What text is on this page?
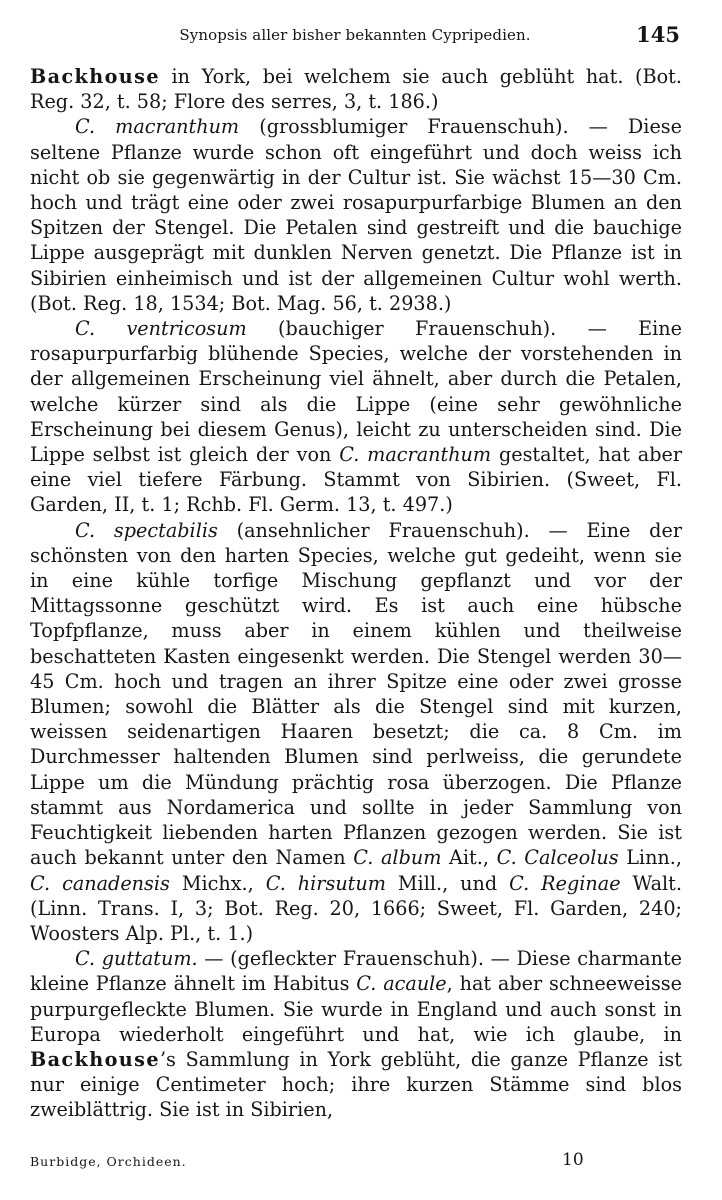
Synopsis aller bisher bekannten Cypripedien.	145

Backhouse in York, bei welchem sie auch geblüht hat. (Bot. Reg. 32, t. 58; Flore des serres, 3, t. 186.)

C. macranthum (grossblumiger Frauenschuh). — Diese seltene Pflanze wurde schon oft eingeführt und doch weiss ich nicht ob sie gegenwärtig in der Cultur ist. Sie wächst 15—30 Cm. hoch und trägt eine oder zwei rosapurpurfarbige Blumen an den Spitzen der Stengel. Die Petalen sind gestreift und die bauchige Lippe ausgeprägt mit dunklen Nerven genetzt. Die Pflanze ist in Sibirien einheimisch und ist der allgemeinen Cultur wohl werth. (Bot. Reg. 18, 1534; Bot. Mag. 56, t. 2938.)

C. ventricosum (bauchiger Frauenschuh). — Eine rosapurpurfarbig blühende Species, welche der vorstehenden in der allgemeinen Erscheinung viel ähnelt, aber durch die Petalen, welche kürzer sind als die Lippe (eine sehr gewöhnliche Erscheinung bei diesem Genus), leicht zu unterscheiden sind. Die Lippe selbst ist gleich der von C. macranthum gestaltet, hat aber eine viel tiefere Färbung. Stammt von Sibirien. (Sweet, Fl. Garden, II, t. 1; Rchb. Fl. Germ. 13, t. 497.)

C. spectabilis (ansehnlicher Frauenschuh). — Eine der schönsten von den harten Species, welche gut gedeiht, wenn sie in eine kühle torfige Mischung gepflanzt und vor der Mittagssonne geschützt wird. Es ist auch eine hübsche Topfpflanze, muss aber in einem kühlen und theilweise beschatteten Kasten eingesenkt werden. Die Stengel werden 30—45 Cm. hoch und tragen an ihrer Spitze eine oder zwei grosse Blumen; sowohl die Blätter als die Stengel sind mit kurzen, weissen seidenartigen Haaren besetzt; die ca. 8 Cm. im Durchmesser haltenden Blumen sind perlweiss, die gerundete Lippe um die Mündung prächtig rosa überzogen. Die Pflanze stammt aus Nordamerica und sollte in jeder Sammlung von Feuchtigkeit liebenden harten Pflanzen gezogen werden. Sie ist auch bekannt unter den Namen C. album Ait., C. Calceolus Linn., C. canadensis Michx., C. hirsutum Mill., und C. Reginae Walt. (Linn. Trans. I, 3; Bot. Reg. 20, 1666; Sweet, Fl. Garden, 240; Woosters Alp. Pl., t. 1.)

C. guttatum. — (gefleckter Frauenschuh). — Diese charmante kleine Pflanze ähnelt im Habitus C. acaule, hat aber schneeweisse purpurgefleckte Blumen. Sie wurde in England und auch sonst in Europa wiederholt eingeführt und hat, wie ich glaube, in Backhouse’s Sammlung in York geblüht, die ganze Pflanze ist nur einige Centimeter hoch; ihre kurzen Stämme sind blos zweiblättrig. Sie ist in Sibirien,

Burbidge, Orchideen.	10
